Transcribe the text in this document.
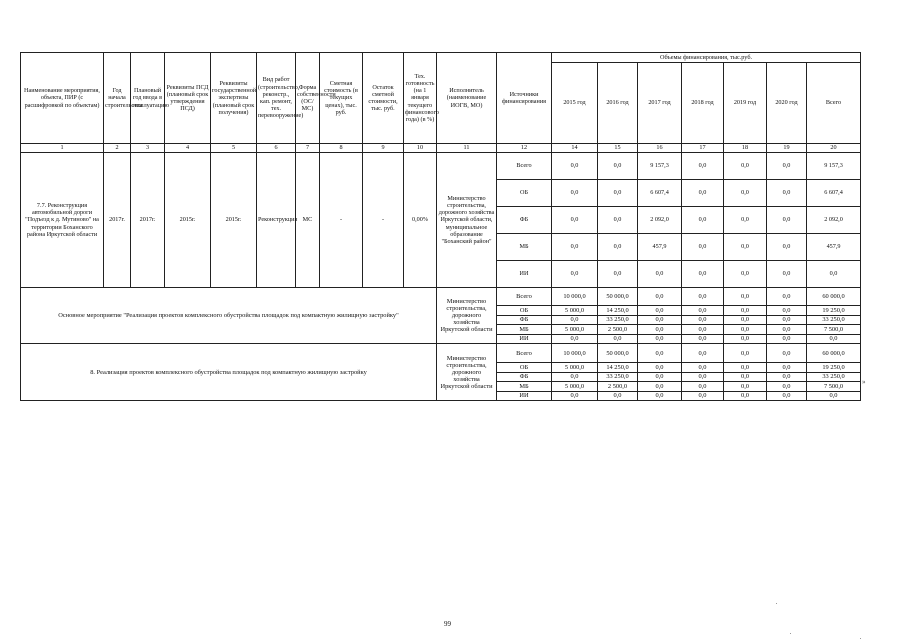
Наименование мероприятия, объекта, ПИР (с расшифровкой по объектам)	Год начала строительства	Плановый год ввода в эксплуатацию	Реквизиты ПСД (плановый срок утверждения ПСД)	Реквизиты государственной экспертизы (плановый срок получения)	Вид работ (строительство, реконстр., кап. ремонт, тех. перевооружение)	Форма собственности (ОС/МС)	Сметная стоимость (в текущих ценах), тыс. руб.	Остаток сметной стоимости, тыс. руб.	Тех. готовность (на 1 января текущего финансового года) (в %)	Исполнитель (наименование ИОГВ, МО)	Источники финансирования	Объемы финансирования, тыс.руб.						
												2015 год	2016 год	2017 год	2018 год	2019 год	2020 год	Всего
1	2	3	4	5	6	7	8	9	10	11	12	14	15	16	17	18	19	20
7.7. Реконструкция автомобильной дороги "Подъезд к д. Мутиново" на территории Боханского района Иркутской области	2017г.	2017г.	2015г.	2015г.	Реконструкция	МС	-	-	0,00%	Министерство строительства, дорожного хозяйства Иркутской области, муниципальное образование "Боханский район"	Всего	0,0	0,0	9 157,3	0,0	0,0	0,0	9 157,3
											ОБ	0,0	0,0	6 607,4	0,0	0,0	0,0	6 607,4
											ФБ	0,0	0,0	2 092,0	0,0	0,0	0,0	2 092,0
											МБ	0,0	0,0	457,9	0,0	0,0	0,0	457,9
											ИИ	0,0	0,0	0,0	0,0	0,0	0,0	0,0
Основное мероприятие "Реализация проектов комплексного обустройства площадок под компактную жилищную застройку"										Министерство строительства, дорожного хозяйства Иркутской области	Всего	10 000,0	50 000,0	0,0	0,0	0,0	0,0	60 000,0
											ОБ	5 000,0	14 250,0	0,0	0,0	0,0	0,0	19 250,0
											ФБ	0,0	33 250,0	0,0	0,0	0,0	0,0	33 250,0
											МБ	5 000,0	2 500,0	0,0	0,0	0,0	0,0	7 500,0
											ИИ	0,0	0,0	0,0	0,0	0,0	0,0	0,0
8. Реализация проектов комплексного обустройства площадок под компактную жилищную застройку										Министерство строительства, дорожного хозяйства Иркутской области	Всего	10 000,0	50 000,0	0,0	0,0	0,0	0,0	60 000,0
											ОБ	5 000,0	14 250,0	0,0	0,0	0,0	0,0	19 250,0
											ФБ	0,0	33 250,0	0,0	0,0	0,0	0,0	33 250,0
											МБ	5 000,0	2 500,0	0,0	0,0	0,0	0,0	7 500,0
											ИИ	0,0	0,0	0,0	0,0	0,0	0,0	0,0
»
99
